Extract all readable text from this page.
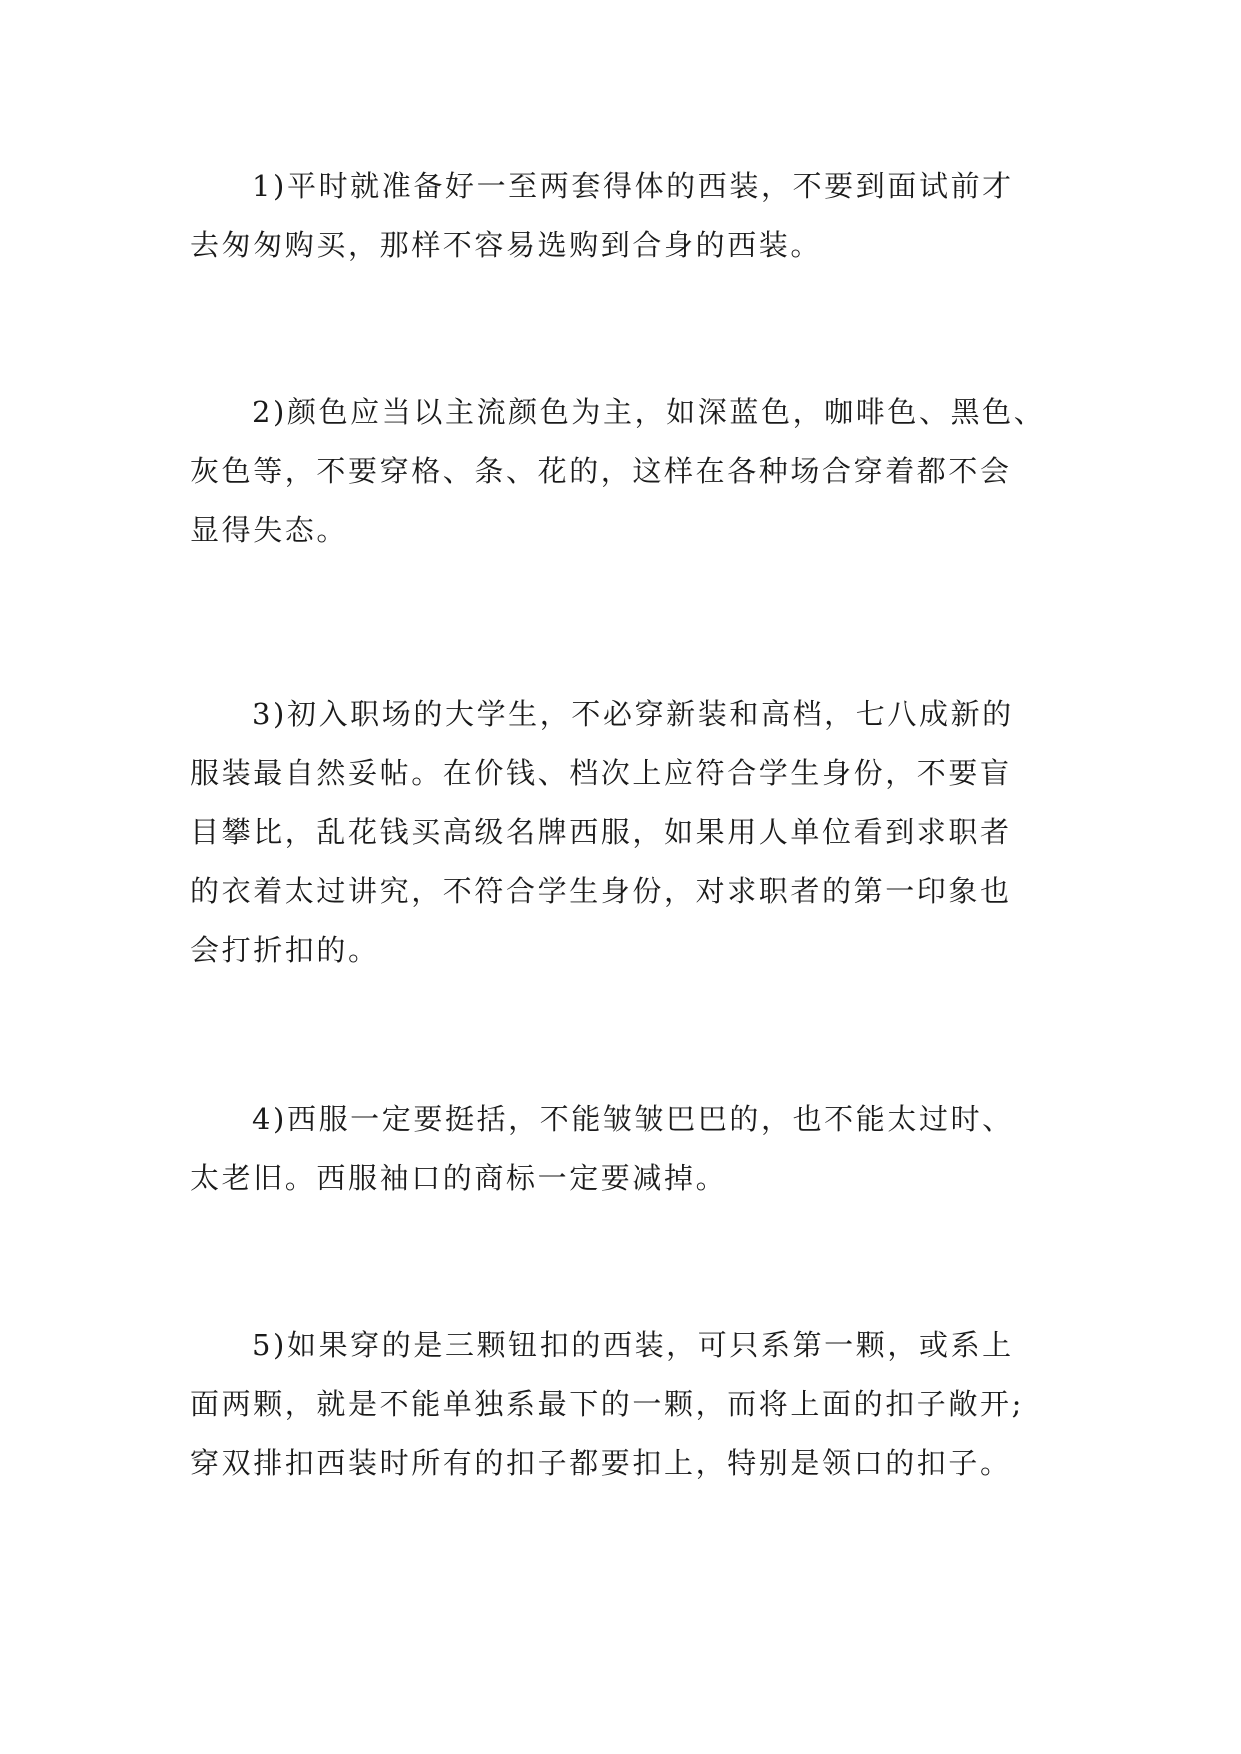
1)平时就准备好一至两套得体的西装，不要到面试前才
去匆匆购买，那样不容易选购到合身的西装。
2)颜色应当以主流颜色为主，如深蓝色，咖啡色、黑色、
灰色等，不要穿格、条、花的，这样在各种场合穿着都不会
显得失态。
3)初入职场的大学生，不必穿新装和高档，七八成新的
服装最自然妥帖。在价钱、档次上应符合学生身份，不要盲
目攀比，乱花钱买高级名牌西服，如果用人单位看到求职者
的衣着太过讲究，不符合学生身份，对求职者的第一印象也
会打折扣的。
4)西服一定要挺括，不能皱皱巴巴的，也不能太过时、
太老旧。西服袖口的商标一定要减掉。
5)如果穿的是三颗钮扣的西装，可只系第一颗，或系上
面两颗，就是不能单独系最下的一颗，而将上面的扣子敞开;
穿双排扣西装时所有的扣子都要扣上，特别是领口的扣子。
